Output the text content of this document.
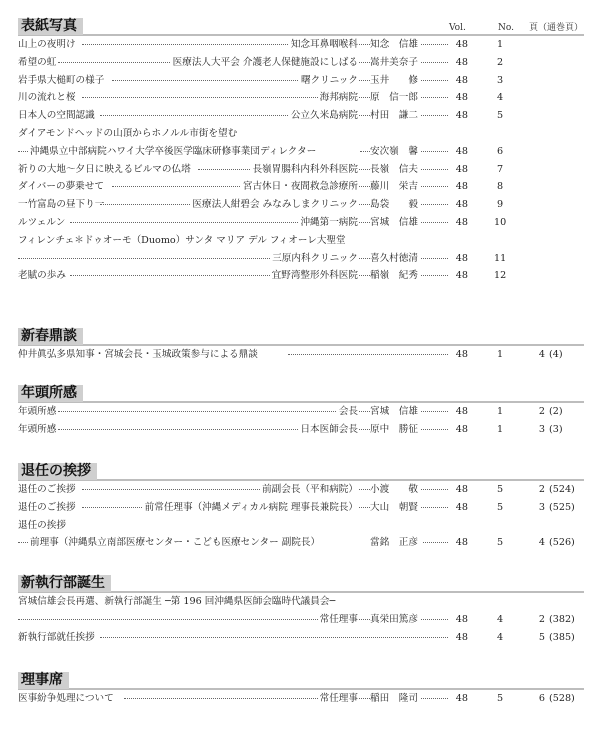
表紙写真	Vol.	No. 頁（通巻頁）
山上の夜明け	知念耳鼻咽喉科 知念　信雄	48	1
希望の虹	医療法人大平会 介護老人保健施設にしばる 嵩井美奈子	48	2
岩手県大槌町の様子	曙クリニック 玉井　　修	48	3
川の流れと桜	海邦病院 原　信一郎	48	4
日本人の空間認識	公立久米島病院 村田　謙二	48	5
ダイアモンドヘッドの山頂からホノルル市街を望む
沖縄県立中部病院ハワイ大学卒後医学臨床研修事業団ディレクター	安次嶺　馨	48	6
祈りの大地〜夕日に映えるビルマの仏塔	長嶺胃腸科内科外科医院 長嶺　信夫	48	7
ダイバーの夢乗せて	宮古休日・夜間救急診療所 藤川　栄吉	48	8
一竹富島の昼下り一	医療法人紺碧会 みなみしまクリニック 島袋　　毅	48	9
ルツェルン	沖縄第一病院 宮城　信雄	48	10
フィレンチェ＊ドゥオーモ（Duomo）サンタ マリア デル フィオーレ大聖堂
三原内科クリニック 喜久村徳清	48	11
老賦の歩み	宜野湾整形外科医院 稲嶺　紀秀	48	12
新春鼎談
仲井眞弘多県知事・宮城会長・玉城政策参与による鼎談	48	1	4 (4)
年頭所感
年頭所感	会長 宮城　信雄	48	1	2 (2)
年頭所感	日本医師会長 原中　勝征	48	1	3 (3)
退任の挨拶
退任のご挨拶	前副会長（平和病院） 小渡　　敬	48	5	2 (524)
退任のご挨拶	前常任理事（沖縄メディカル病院 理事長兼院長） 大山　朝賢	48	5	3 (525)
退任の挨拶
前理事（沖縄県立南部医療センター・こども医療センター 副院長）	當銘　正彦	48	5	4 (526)
新執行部誕生
宮城信雄会長再選、新執行部誕生 ─第 196 回沖縄県医師会臨時代議員会─
常任理事 真栄田篤彦	48	4	2 (382)
新執行部就任挨拶	48	4	5 (385)
理事席
医事紛争処理について	常任理事 稲田　隆司	48	5	6 (528)
